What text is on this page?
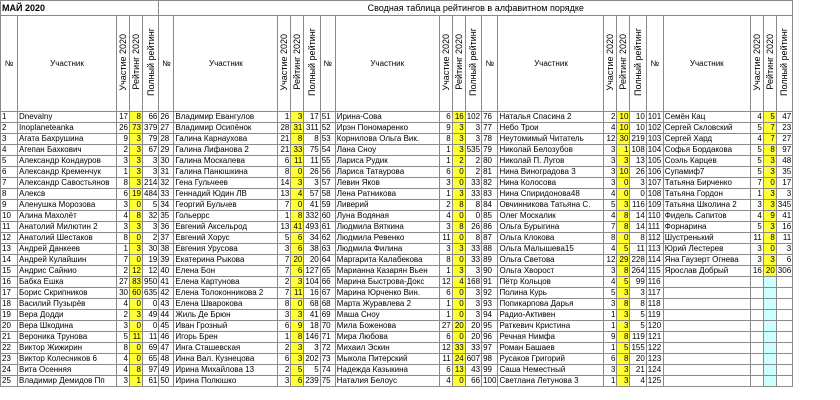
МАЙ 2020					Сводная таблица рейтингов в алфавитном порядке																			
№	Участник	Участие 2020	Рейтинг 2020	Полный рейтинг	№	Участник	Участие 2020	Рейтинг 2020	Полный рейтинг	№	Участник	Участие 2020	Рейтинг 2020	Полный рейтинг	№	Участник	Участие 2020	Рейтинг 2020	Полный рейтинг	№	Участник	Участие 2020	Рейтинг 2020	Полный рейтинг
1	Dnevalny	17	8	66	26	Владимир Евангулов	1	3	17	51	Ирина-Сова	6	16	102	76	Наталья Спасина 2	2	10	10	101	Семён Кац	4	5	47
2	Inoplaneteanka	26	73	379	27	Владимир Осипёнок	28	31	311	52	Ирэн Пономаренко	9	3	3	77	Небо Трои	4	10	10	102	Сергей Скловский	5	7	23
3	Агата Бахрушина	9	3	79	28	Галина Карнаухова	21	8	8	53	Корнилова Ольга Вик.	8	3	3	78	Неутомимый Читатель	12	30	219	103	Сергей Хард	4	7	27
4	Агепан Бахкович	2	3	67	29	Галина Лифанова 2	21	33	75	54	Лана Сноу	1	3	535	79	Николай Белозубов	3	1	108	104	Софья Бордакова	5	8	97
5	Александр Кондауров	3	3	3	30	Галина Москалева	6	11	11	55	Лариса Рудик	1	2	2	80	Николай П. Лугов	3	3	13	105	Соэль Карцев	5	3	48
6	Александр Кременчук	1	3	3	31	Галина Панюшкина	8	0	26	56	Лариса Татаурова	6	0	2	81	Нина Виноградова 3	3	10	26	106	Супамиф7	5	3	35
7	Александр Савостьянов	8	3	214	32	Гена Гульчеев	14	3	3	57	Левин Яков	3	0	33	82	Нина Колосова	3	0	3	107	Татьяна Бирченко	7	0	17
8	Алексв	6	19	484	33	Геннадий Юдин ЛВ	13	4	57	58	Лена Ратникова	1	3	33	83	Нина Спиридонова48	4	0	0	108	Татьяна Гордон	1	3	3
9	Аленушка Морозова	3	0	5	34	Георгий Бульчев	7	0	41	59	Ливерий	2	8	8	84	Овчинникова Татьяна С.	5	3	116	109	Татьяна Школина 2	3	3	345
10	Алина Махолёт	4	8	32	35	Гольеррс	1	8	332	60	Луна Водяная	4	0	0	85	Олег Москалик	4	8	14	110	Фидель Сапитов	4	9	41
11	Анатолий Милютин 2	3	3	3	36	Евгений Аксельрод	13	41	493	61	Людмила Вяткина	3	8	26	86	Ольга Бурыгина	7	8	14	111	Форнарина	5	3	16
12	Анатолий Шестаков	8	0	2	37	Евгений Хорус	5	6	34	62	Людмила Ревенко	11	0	8	87	Ольга Клокова	8	0	8	112	Шустренький	11	8	11
13	Андрей Данкеев	1	3	30	38	Евгения Урусова	3	6	38	63	Людмила Филина	3	3	33	88	Ольга Малышева15	4	5	11	113	Юрий Лестерев	3	0	3
14	Андрей Кулайшин	7	0	19	39	Екатерина Рыкова	7	20	20	64	Маргарита Калабекова	8	0	33	89	Ольга Светова	12	29	228	114	Яна Гаузерт Огнева	3	3	6
15	Андрис Сайнио	2	12	12	40	Елена Бон	7	6	127	65	Марианна Казарян Вьен	1	3	3	90	Ольга Хворост	3	8	264	115	Ярослав Добрый	16	20	306
16	Бабка Ешка	27	83	950	41	Елена Картунова	2	3	104	66	Марина Быстрова-Докс	12	4	168	91	Пётр Кольцов	4	5	99	116				
17	Борис Скрипников	30	60	635	42	Елена Толоконникова 2	7	11	16	67	Марина Юрченко Вин.	6	0	3	92	Полина Курь	5	3	3	117				
18	Василий Пузырёв	4	0	0	43	Елена Шварокова	8	0	68	68	Марта Журавлева 2	1	0	3	93	Попикарпова Дарья	3	8	8	118				
19	Вера Додди	2	3	49	44	Жиль Де Брюн	3	3	41	69	Маша Сноу	1	0	3	94	Радио-Активен	1	3	5	119				
20	Вера Шкодина	3	0	0	45	Иван Грозный	6	9	18	70	Мила Боженова	27	20	20	95	Раткевич Кристина	1	3	5	120				
21	Вероника Трунова	5	11	11	46	Игорь Брен	1	8	146	71	Мира Любова	6	0	20	96	Речная Нимфа	9	8	119	121				
22	Виктор Жижирин	8	0	69	47	Инга Сташевская	2	3	3	72	Михаил Эскин	12	33	33	97	Роман Башаев	1	5	155	122				
23	Виктор Колесников 6	4	0	65	48	Инна Вал. Кузнецова	6	3	202	73	Мыкола Питерский	11	24	607	98	Русаков Григорий	6	8	20	123				
24	Вита Осенняя	4	8	97	49	Ирина Михайлова 13	2	5	5	74	Надежда Казыкина	6	13	43	99	Саша Неместный	3	3	21	124				
25	Владимир Демидов Пп	3	1	61	50	Ирина Полюшко	3	6	239	75	Наталия Белоус	4	0	66	100	Светлана Летунова 3	1	3	4	125				
